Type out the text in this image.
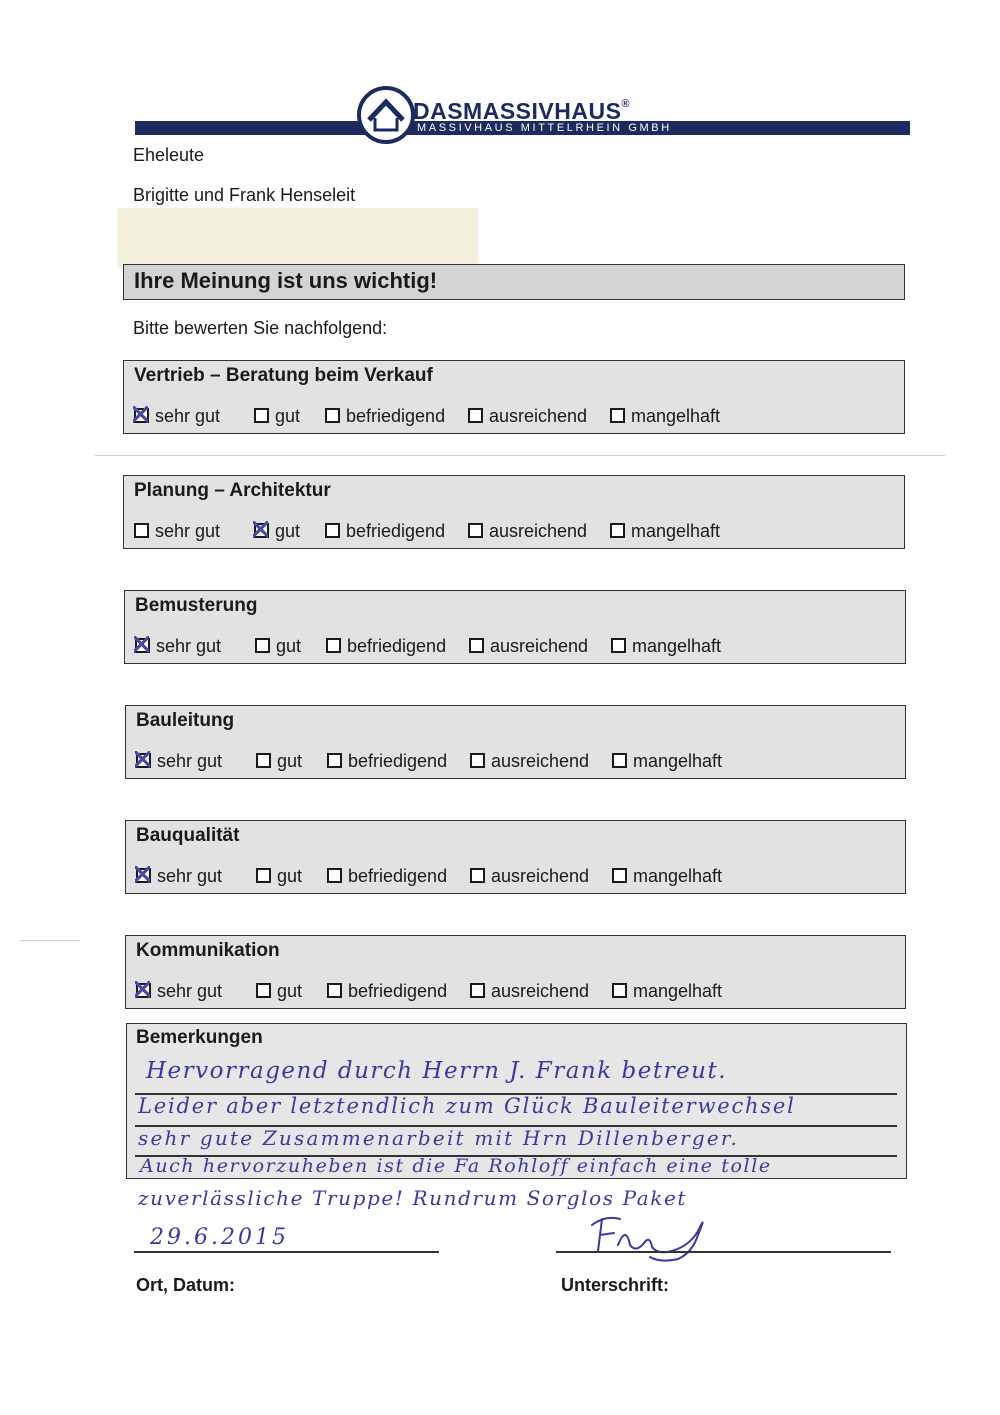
DASMASSIVHAUS®
MASSIVHAUS MITTELRHEIN GMBH
Eheleute
Brigitte und Frank Henseleit
Ihre Meinung ist uns wichtig!
Bitte bewerten Sie nachfolgend:
Vertrieb – Beratung beim Verkauf
sehr gut	gut	befriedigend	ausreichend	mangelhaft
Planung – Architektur
sehr gut	gut	befriedigend	ausreichend	mangelhaft
Bemusterung
sehr gut	gut	befriedigend	ausreichend	mangelhaft
Bauleitung
sehr gut	gut	befriedigend	ausreichend	mangelhaft
Bauqualität
sehr gut	gut	befriedigend	ausreichend	mangelhaft
Kommunikation
sehr gut	gut	befriedigend	ausreichend	mangelhaft
Bemerkungen
Hervorragend durch Herrn J. Frank betreut.
Leider aber letztendlich zum Glück Bauleiterwechsel
sehr gute Zusammenarbeit mit Hrn Dillenberger.
Auch hervorzuheben ist die Fa Rohloff einfach eine tolle
zuverlässliche Truppe! Rundrum Sorglos Paket
29.6.2015
Ort, Datum:	Unterschrift:
